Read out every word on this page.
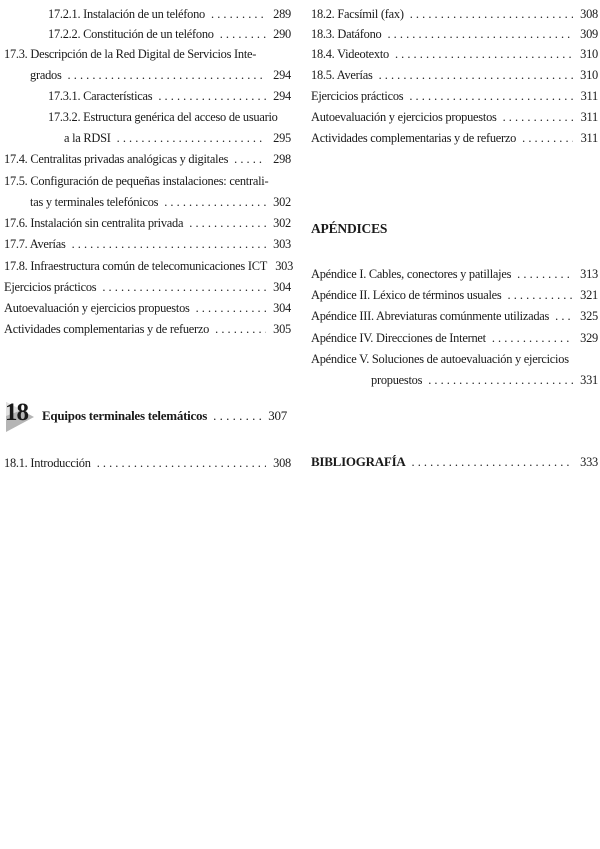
17.2.1. Instalación de un teléfono . . .	289
17.2.2. Constitución de un teléfono . . .	290
17.3. Descripción de la Red Digital de Servicios Inte-
grados . . .	294
17.3.1. Características . . .	294
17.3.2. Estructura genérica del acceso de usuario
a la RDSI . . .	295
17.4. Centralitas privadas analógicas y digitales . . .	298
17.5. Configuración de pequeñas instalaciones: centrali-
tas y terminales telefónicos . . .	302
17.6. Instalación sin centralita privada . . .	302
17.7. Averías . . .	303
17.8. Infraestructura común de telecomunicaciones ICT 303
Ejercicios prácticos . . .	304
Autoevaluación y ejercicios propuestos . . .	304
Actividades complementarias y de refuerzo . . .	305
18 Equipos terminales telemáticos . . .	307
18.1. Introducción . . .	308
18.2. Facsímil (fax) . . .	308
18.3. Datáfono . . .	309
18.4. Videotexto . . .	310
18.5. Averías . . .	310
Ejercicios prácticos . . .	311
Autoevaluación y ejercicios propuestos . . .	311
Actividades complementarias y de refuerzo . . .	311
APÉNDICES
Apéndice I. Cables, conectores y patillajes . . .	313
Apéndice II. Léxico de términos usuales . . .	321
Apéndice III. Abreviaturas comúnmente utilizadas . . .	325
Apéndice IV. Direcciones de Internet . . .	329
Apéndice V. Soluciones de autoevaluación y ejercicios
propuestos . . .	331
BIBLIOGRAFÍA . . .	333
